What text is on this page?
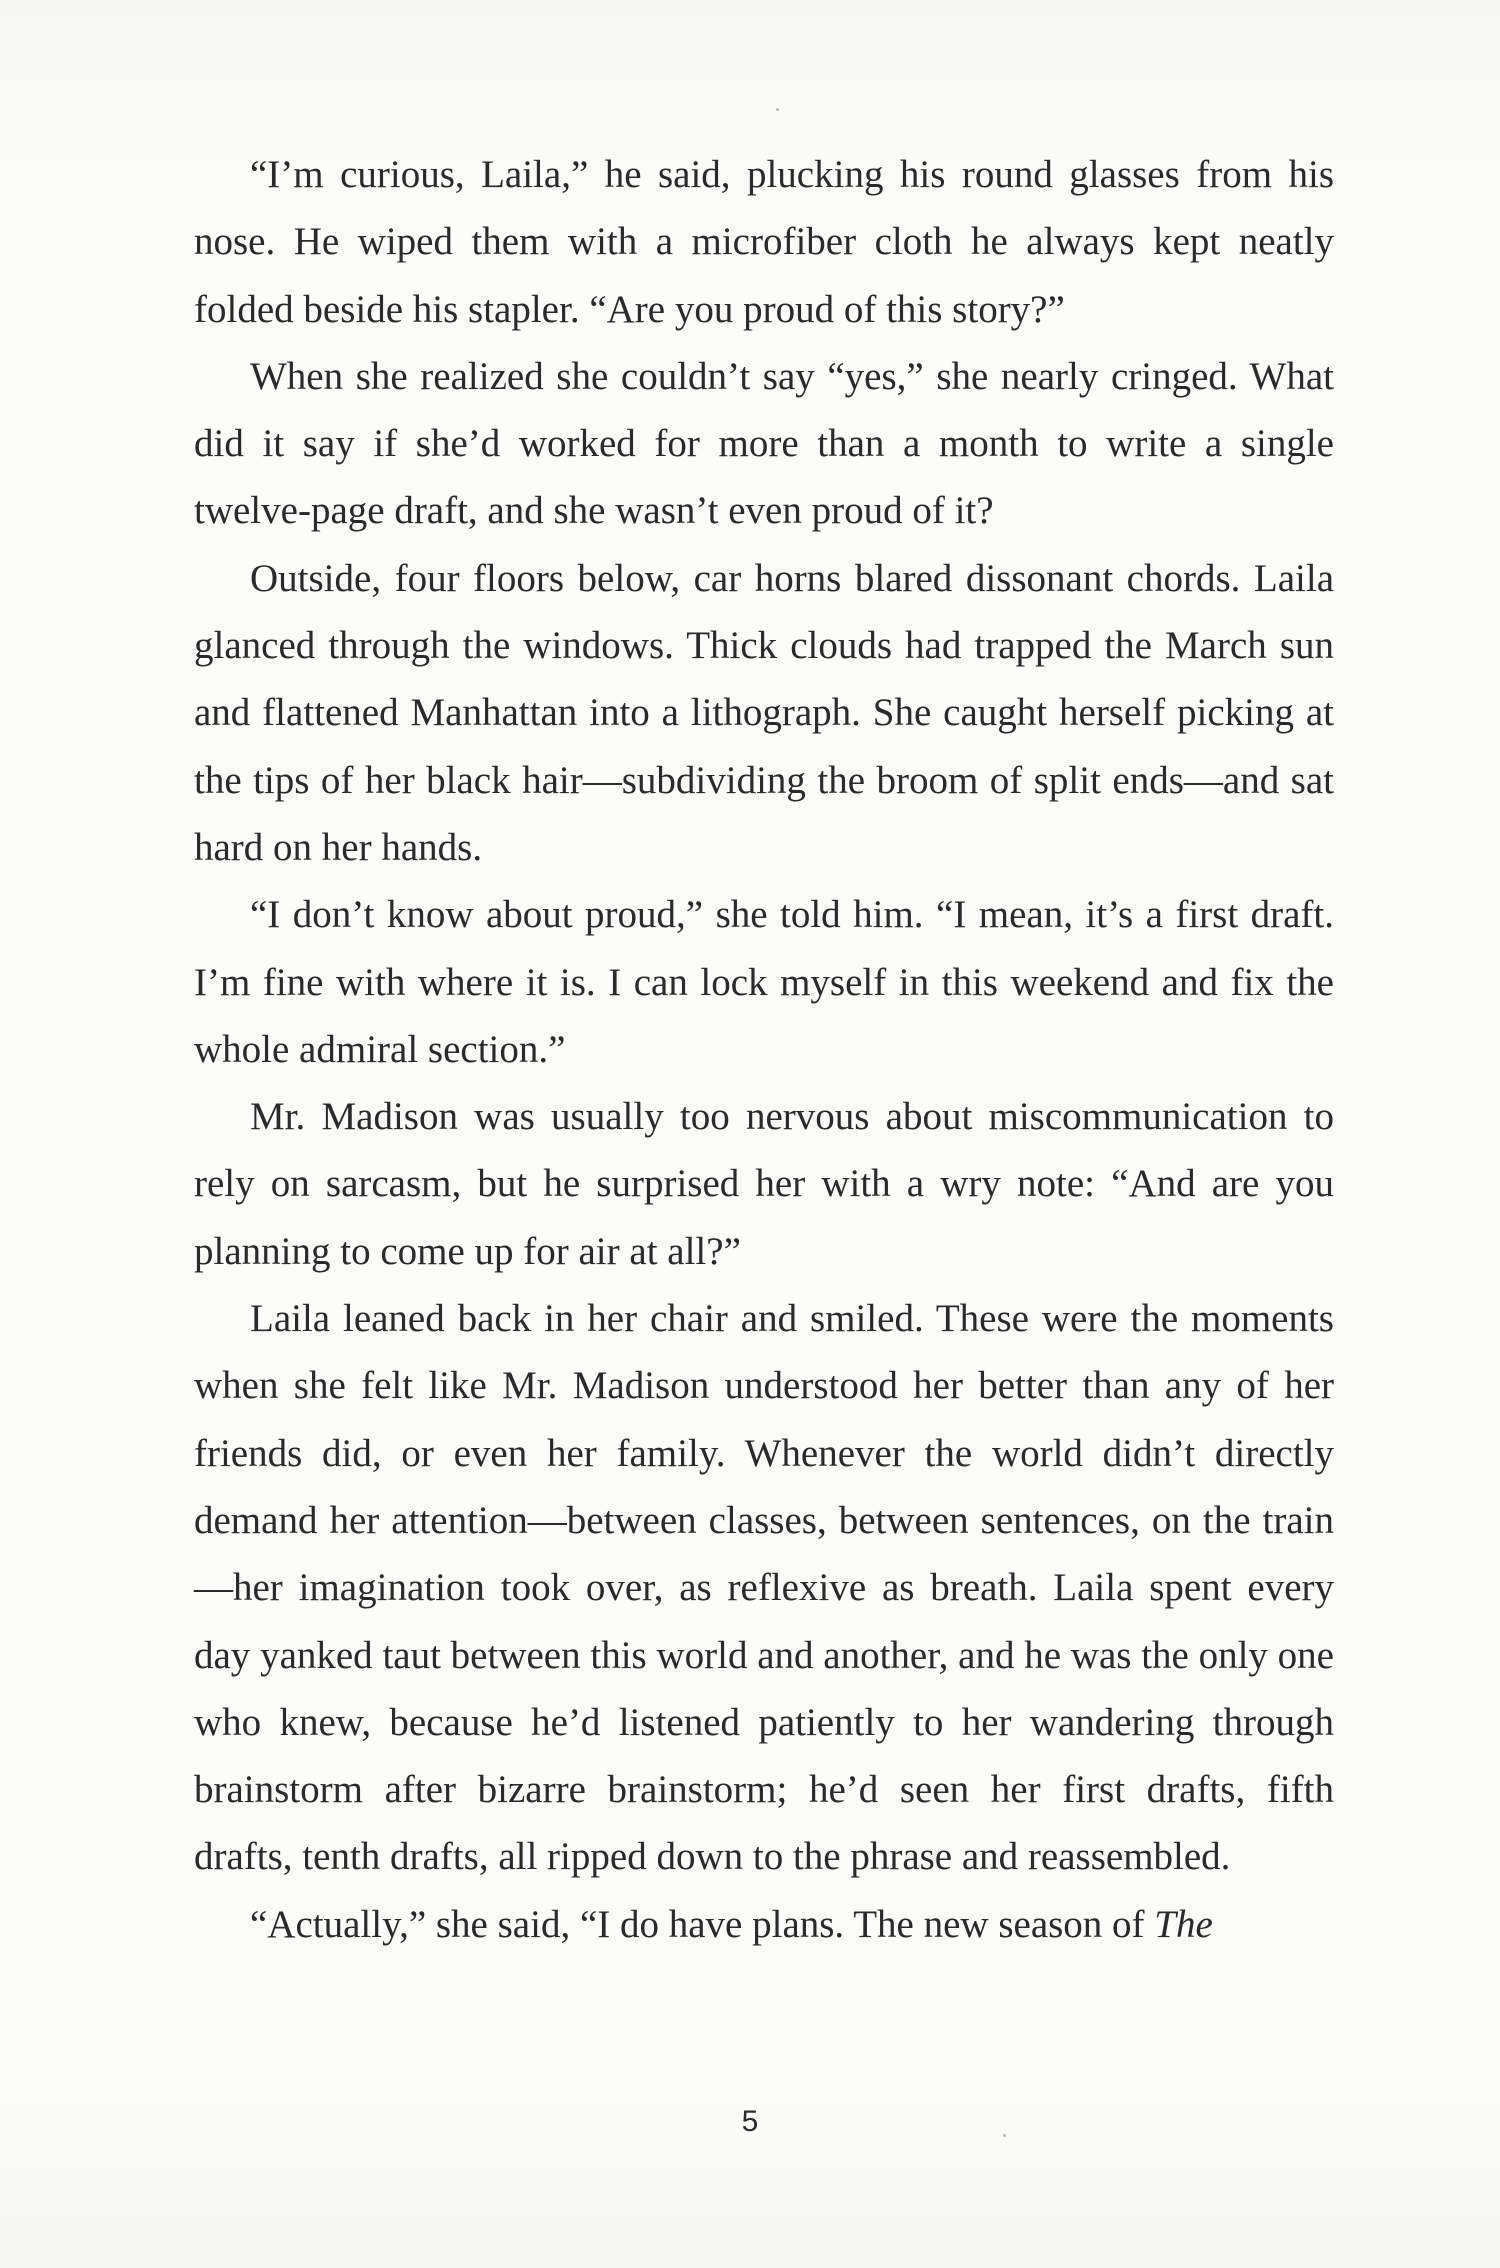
“I’m curious, Laila,” he said, plucking his round glasses from his nose. He wiped them with a microfiber cloth he always kept neatly folded beside his stapler. “Are you proud of this story?”

When she realized she couldn’t say “yes,” she nearly cringed. What did it say if she’d worked for more than a month to write a single twelve-page draft, and she wasn’t even proud of it?

Outside, four floors below, car horns blared dissonant chords. Laila glanced through the windows. Thick clouds had trapped the March sun and flattened Manhattan into a lithograph. She caught herself picking at the tips of her black hair—subdividing the broom of split ends—and sat hard on her hands.

“I don’t know about proud,” she told him. “I mean, it’s a first draft. I’m fine with where it is. I can lock myself in this weekend and fix the whole admiral section.”

Mr. Madison was usually too nervous about miscommunication to rely on sarcasm, but he surprised her with a wry note: “And are you planning to come up for air at all?”

Laila leaned back in her chair and smiled. These were the moments when she felt like Mr. Madison understood her better than any of her friends did, or even her family. Whenever the world didn’t directly demand her attention—between classes, between sentences, on the train—her imagination took over, as reflexive as breath. Laila spent every day yanked taut between this world and another, and he was the only one who knew, because he’d listened patiently to her wandering through brainstorm after bizarre brainstorm; he’d seen her first drafts, fifth drafts, tenth drafts, all ripped down to the phrase and reassembled.

“Actually,” she said, “I do have plans. The new season of The

5
